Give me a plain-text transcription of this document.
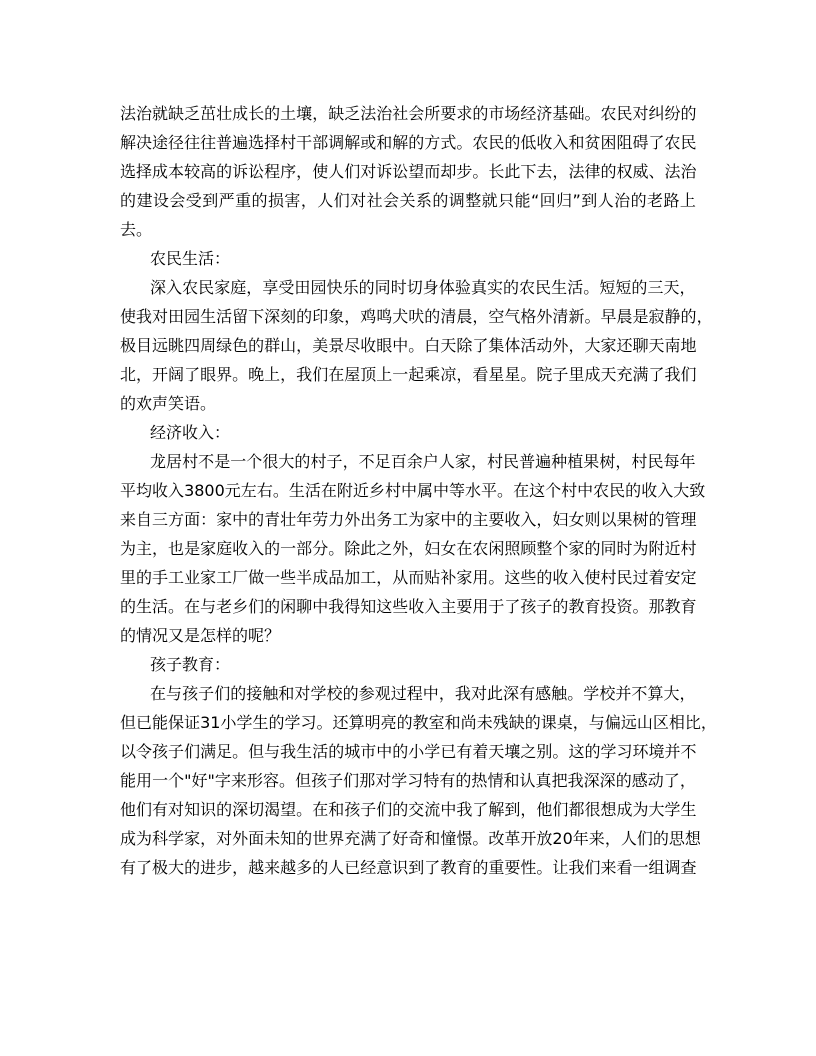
法 治 就 缺 乏 茁 壮 成 长 的 土 壤 ， 缺 乏 法 治 社 会 所 要 求 的 市 场 经 济 基 础 。 农 民 对 纠 纷 的
解 决 途 径 往 往 普 遍 选 择 村 干 部 调 解 或 和 解 的 方 式 。 农 民 的 低 收 入 和 贫 困 阻 碍 了 农 民
选 择 成 本 较 高 的 诉 讼 程 序 ， 使 人 们 对 诉 讼 望 而 却 步 。 长 此 下 去 ， 法 律 的 权 威 、 法 治
的 建 设 会 受 到 严 重 的 损 害 ， 人 们 对 社 会 关 系 的 调 整 就 只 能 “ 回 归 ” 到 人 治 的 老 路 上
去。
农民生活：
深 入 农 民 家 庭 ， 享 受 田 园 快 乐 的 同 时 切 身 体 验 真 实 的 农 民 生 活 。 短 短 的 三 天 ，
使 我 对 田 园 生 活 留 下 深 刻 的 印 象 ， 鸡 鸣 犬 吠 的 清 晨 ， 空 气 格 外 清 新 。 早 晨 是 寂 静 的 ，
极 目 远 眺 四 周 绿 色 的 群 山 ， 美 景 尽 收 眼 中 。 白 天 除 了 集 体 活 动 外 ， 大 家 还 聊 天 南 地
北 ， 开 阔 了 眼 界 。 晚 上 ， 我 们 在 屋 顶 上 一 起 乘 凉 ， 看 星 星 。 院 子 里 成 天 充 满 了 我 们
的欢声笑语。
经济收入：
龙 居 村 不 是 一 个 很 大 的 村 子 ， 不 足 百 余 户 人 家 ， 村 民 普 遍 种 植 果 树 ， 村 民 每 年
平 均 收 入 3800 元 左 右 。 生 活 在 附 近 乡 村 中 属 中 等 水 平 。 在 这 个 村 中 农 民 的 收 入 大 致
来 自 三 方 面 ： 家 中 的 青 壮 年 劳 力 外 出 务 工 为 家 中 的 主 要 收 入 ， 妇 女 则 以 果 树 的 管 理
为 主 ， 也 是 家 庭 收 入 的 一 部 分 。 除 此 之 外 ， 妇 女 在 农 闲 照 顾 整 个 家 的 同 时 为 附 近 村
里 的 手 工 业 家 工 厂 做 一 些 半 成 品 加 工 ， 从 而 贴 补 家 用 。 这 些 的 收 入 使 村 民 过 着 安 定
的 生 活 。 在 与 老 乡 们 的 闲 聊 中 我 得 知 这 些 收 入 主 要 用 于 了 孩 子 的 教 育 投 资 。 那 教 育
的情况又是怎样的呢？
孩子教育：
在 与 孩 子 们 的 接 触 和 对 学 校 的 参 观 过 程 中 ， 我 对 此 深 有 感 触 。 学 校 并 不 算 大 ，
但 已 能 保 证 31 小 学 生 的 学 习 。 还 算 明 亮 的 教 室 和 尚 未 残 缺 的 课 桌 ， 与 偏 远 山 区 相 比 ，
以 令 孩 子 们 满 足 。 但 与 我 生 活 的 城 市 中 的 小 学 已 有 着 天 壤 之 别 。 这 的 学 习 环 境 并 不
能 用 一 个 " 好 " 字 来 形 容 。 但 孩 子 们 那 对 学 习 特 有 的 热 情 和 认 真 把 我 深 深 的 感 动 了 ，
他 们 有 对 知 识 的 深 切 渴 望 。 在 和 孩 子 们 的 交 流 中 我 了 解 到 ， 他 们 都 很 想 成 为 大 学 生
成 为 科 学 家 ， 对 外 面 未 知 的 世 界 充 满 了 好 奇 和 憧 憬 。 改 革 开 放 20 年 来 ， 人 们 的 思 想
有 了 极 大 的 进 步 ， 越 来 越 多 的 人 已 经 意 识 到 了 教 育 的 重 要 性 。 让 我 们 来 看 一 组 调 查
